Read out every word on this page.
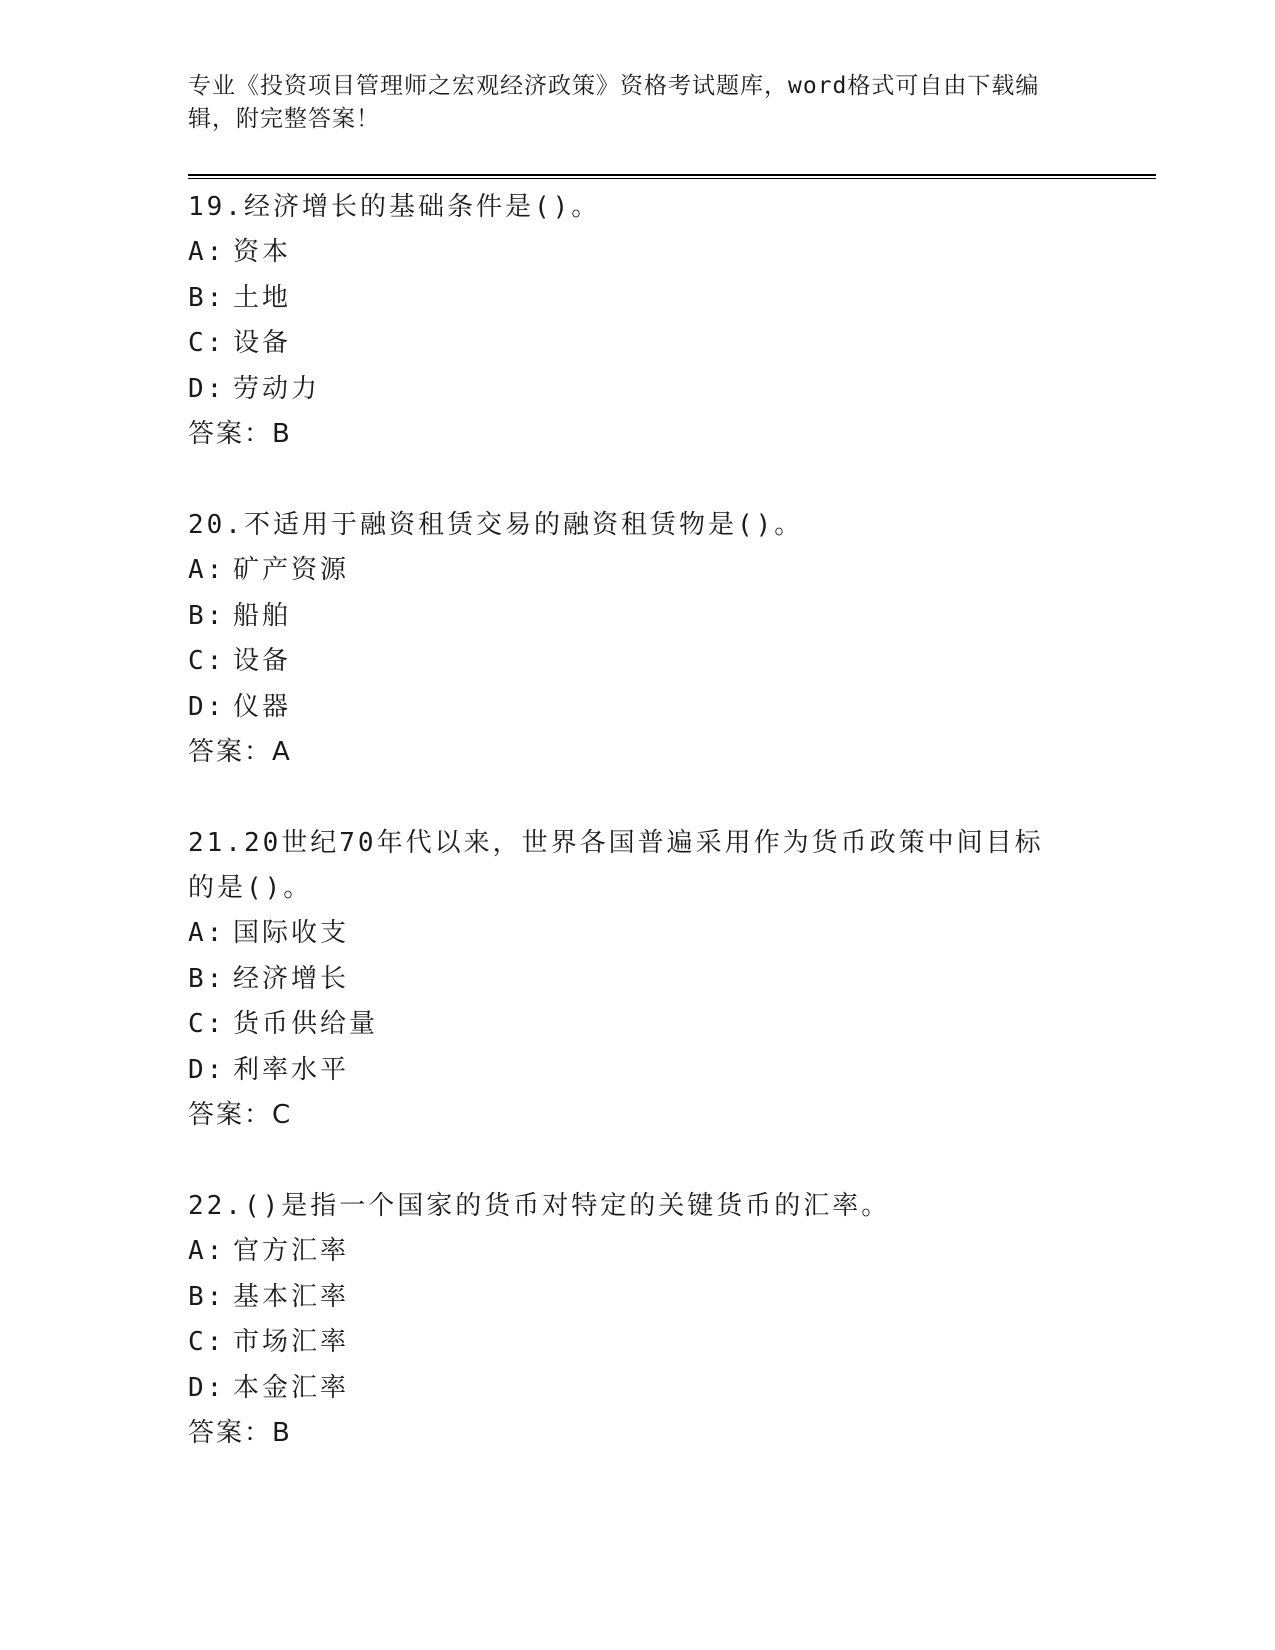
专业《投资项目管理师之宏观经济政策》资格考试题库，word格式可自由下载编辑，附完整答案！

19.经济增长的基础条件是()。

A: 资本

B: 土地

C: 设备

D: 劳动力

答案：B

20.不适用于融资租赁交易的融资租赁物是()。

A: 矿产资源

B: 船舶

C: 设备

D: 仪器

答案：A

21.20世纪70年代以来，世界各国普遍采用作为货币政策中间目标的是()。

A: 国际收支

B: 经济增长

C: 货币供给量

D: 利率水平

答案：C

22.()是指一个国家的货币对特定的关键货币的汇率。

A: 官方汇率

B: 基本汇率

C: 市场汇率

D: 本金汇率

答案：B
